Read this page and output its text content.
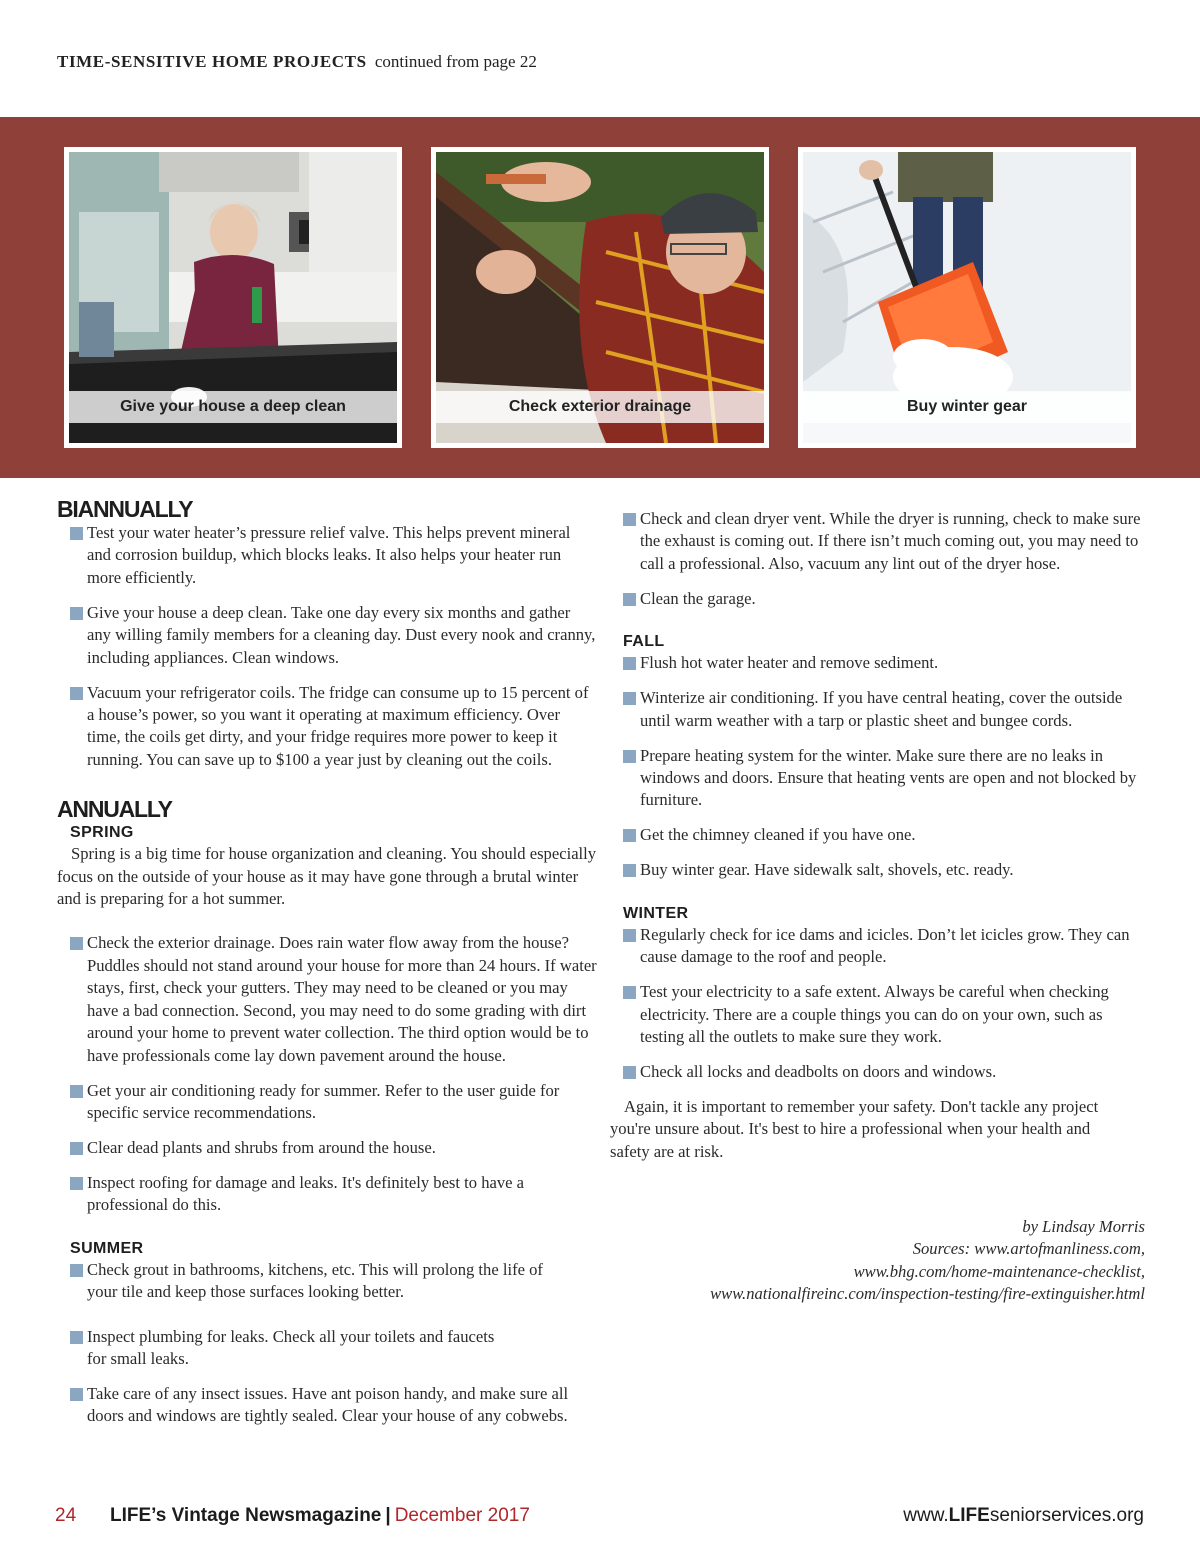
TIME-SENSITIVE HOME PROJECTS continued from page 22
Give your house a deep clean	Check exterior drainage	Buy winter gear
BIANNUALLY
Test your water heater’s pressure relief valve. This helps prevent mineral and corrosion buildup, which blocks leaks. It also helps your heater run more efficiently.
Give your house a deep clean. Take one day every six months and gather any willing family members for a cleaning day. Dust every nook and cranny, including appliances. Clean windows.
Vacuum your refrigerator coils. The fridge can consume up to 15 percent of a house’s power, so you want it operating at maximum efficiency. Over time, the coils get dirty, and your fridge requires more power to keep it running. You can save up to $100 a year just by cleaning out the coils.
ANNUALLY
SPRING
Spring is a big time for house organization and cleaning. You should especially focus on the outside of your house as it may have gone through a brutal winter and is preparing for a hot summer.
Check the exterior drainage. Does rain water flow away from the house? Puddles should not stand around your house for more than 24 hours. If water stays, first, check your gutters. They may need to be cleaned or you may have a bad connection. Second, you may need to do some grading with dirt around your home to prevent water collection. The third option would be to have professionals come lay down pavement around the house.
Get your air conditioning ready for summer. Refer to the user guide for specific service recommendations.
Clear dead plants and shrubs from around the house.
Inspect roofing for damage and leaks. It's definitely best to have a professional do this.
SUMMER
Check grout in bathrooms, kitchens, etc. This will prolong the life of your tile and keep those surfaces looking better.
Inspect plumbing for leaks. Check all your toilets and faucets for small leaks.
Take care of any insect issues. Have ant poison handy, and make sure all doors and windows are tightly sealed. Clear your house of any cobwebs.
Check and clean dryer vent. While the dryer is running, check to make sure the exhaust is coming out. If there isn’t much coming out, you may need to call a professional. Also, vacuum any lint out of the dryer hose.
Clean the garage.
FALL
Flush hot water heater and remove sediment.
Winterize air conditioning. If you have central heating, cover the outside until warm weather with a tarp or plastic sheet and bungee cords.
Prepare heating system for the winter. Make sure there are no leaks in windows and doors. Ensure that heating vents are open and not blocked by furniture.
Get the chimney cleaned if you have one.
Buy winter gear. Have sidewalk salt, shovels, etc. ready.
WINTER
Regularly check for ice dams and icicles. Don’t let icicles grow. They can cause damage to the roof and people.
Test your electricity to a safe extent. Always be careful when checking electricity. There are a couple things you can do on your own, such as testing all the outlets to make sure they work.
Check all locks and deadbolts on doors and windows.
Again, it is important to remember your safety. Don't tackle any project you're unsure about. It's best to hire a professional when your health and safety are at risk.
by Lindsay Morris
Sources: www.artofmanliness.com,
www.bhg.com/home-maintenance-checklist,
www.nationalfireinc.com/inspection-testing/fire-extinguisher.html
24 LIFE’s Vintage Newsmagazine | December 2017	www.LIFEseniorservices.org
